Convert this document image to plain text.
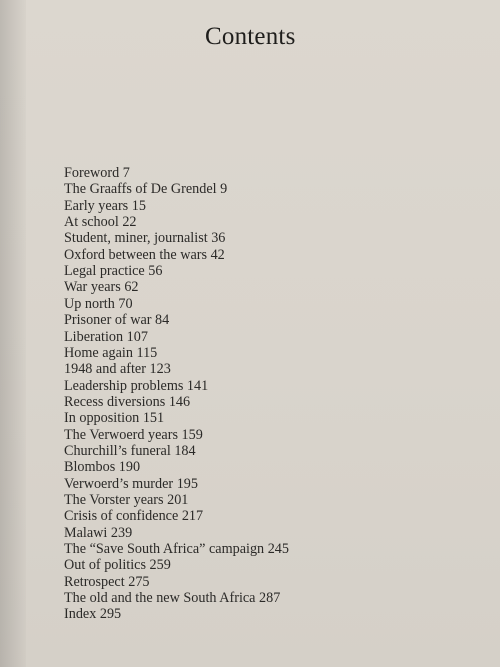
Contents
Foreword 7
The Graaffs of De Grendel 9
Early years 15
At school 22
Student, miner, journalist 36
Oxford between the wars 42
Legal practice 56
War years 62
Up north 70
Prisoner of war 84
Liberation 107
Home again 115
1948 and after 123
Leadership problems 141
Recess diversions 146
In opposition 151
The Verwoerd years 159
Churchill’s funeral 184
Blombos 190
Verwoerd’s murder 195
The Vorster years 201
Crisis of confidence 217
Malawi 239
The “Save South Africa” campaign 245
Out of politics 259
Retrospect 275
The old and the new South Africa 287
Index 295
